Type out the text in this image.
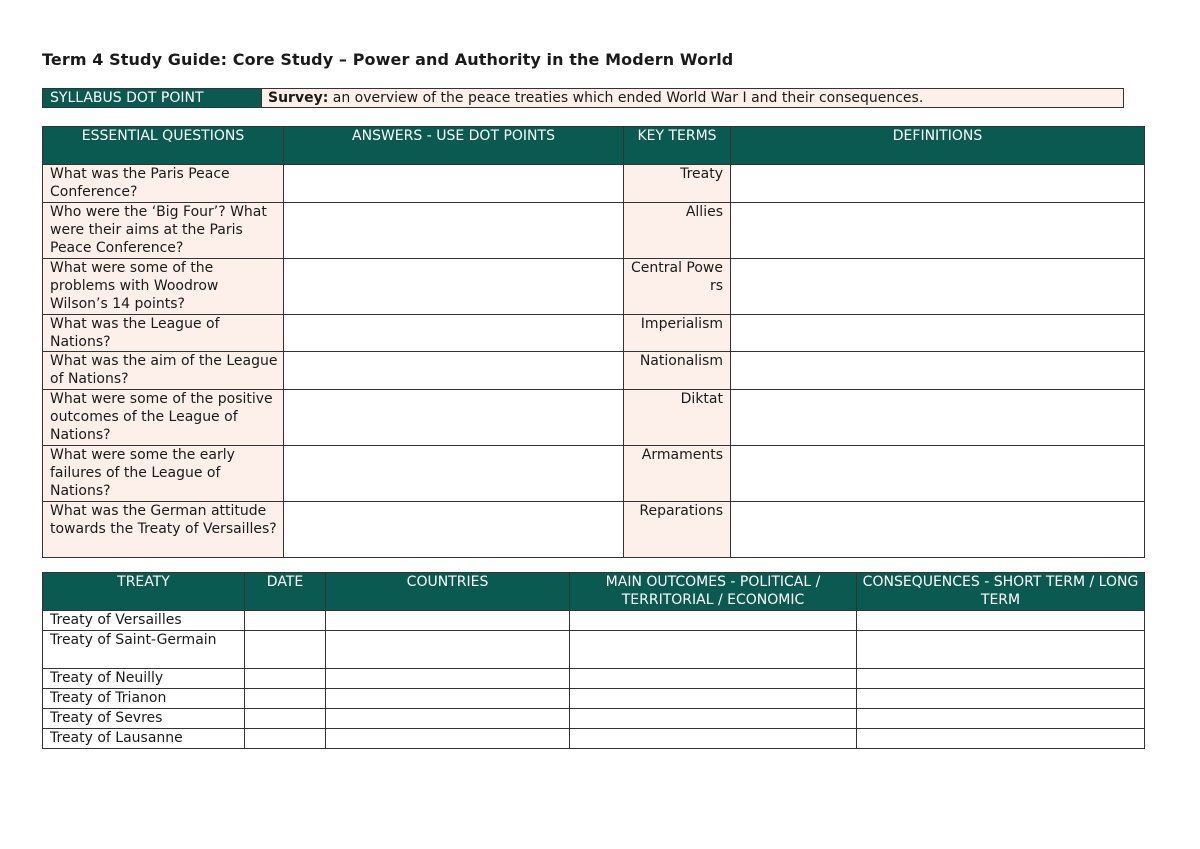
Term 4 Study Guide: Core Study – Power and Authority in the Modern World
SYLLABUS DOT POINT	Survey: an overview of the peace treaties which ended World War I and their consequences.
ESSENTIAL QUESTIONS	ANSWERS - USE DOT POINTS	KEY TERMS	DEFINITIONS
What was the Paris Peace Conference?		Treaty	
Who were the ‘Big Four’? What were their aims at the Paris Peace Conference?		Allies	
What were some of the problems with Woodrow Wilson’s 14 points?		Central Powers	
What was the League of Nations?		Imperialism	
What was the aim of the League of Nations?		Nationalism	
What were some of the positive outcomes of the League of Nations?		Diktat	
What were some the early failures of the League of Nations?		Armaments	
What was the German attitude towards the Treaty of Versailles?		Reparations	
TREATY	DATE	COUNTRIES	MAIN OUTCOMES - POLITICAL / TERRITORIAL / ECONOMIC	CONSEQUENCES - SHORT TERM / LONG TERM
Treaty of Versailles				
Treaty of Saint-Germain				
Treaty of Neuilly				
Treaty of Trianon				
Treaty of Sevres				
Treaty of Lausanne				
